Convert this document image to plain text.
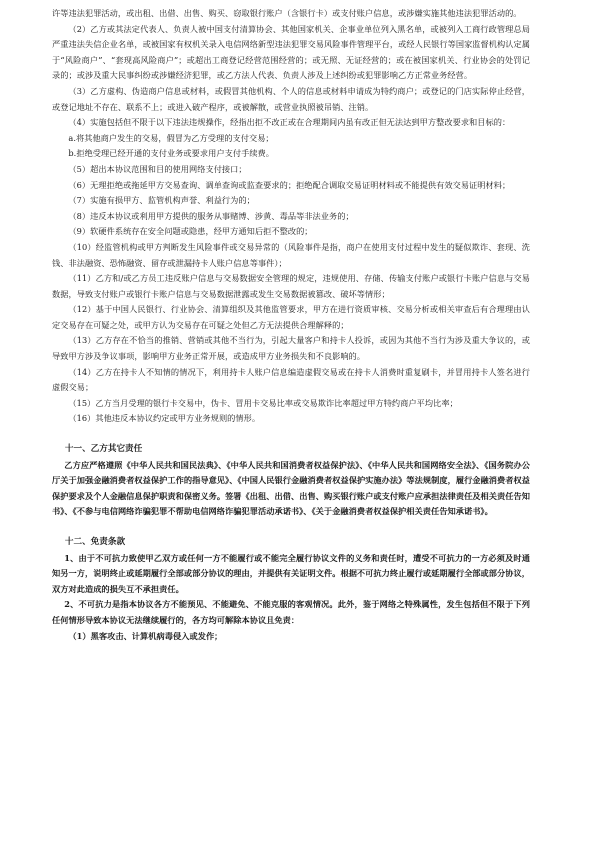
许等违法犯罪活动，或出租、出借、出售、购买、窃取银行账户（含银行卡）或支付账户信息，或涉嫌实施其他违法犯罪活动的。

（2）乙方或其法定代表人、负责人被中国支付清算协会、其他国家机关、企事业单位列入黑名单，或被列入工商行政管理总局严重违法失信企业名单，或被国家有权机关录入电信网络新型违法犯罪交易风险事件管理平台，或经人民银行等国家监督机构认定属于“风险商户”、“套现高风险商户”；或超出工商登记经营范围经营的；或无照、无证经营的；或在被国家机关、行业协会的处罚记录的；或涉及重大民事纠纷或涉嫌经济犯罪，或乙方法人代表、负责人涉及上述纠纷或犯罪影响乙方正常业务经营。

（3）乙方虚构、伪造商户信息或材料，或假冒其他机构、个人的信息或材料申请成为特约商户；或登记的门店实际停止经营，或登记地址不存在、联系不上；或进入破产程序，或被解散，或营业执照被吊销、注销。

（4）实施包括但不限于以下违法违规操作，经指出拒不改正或在合理期间内虽有改正但无法达到甲方整改要求和目标的：

a.将其他商户发生的交易，假冒为乙方受理的支付交易；

b.拒绝受理已经开通的支付业务或要求用户支付手续费。

（5）超出本协议范围和目的使用网络支付接口；

（6）无理拒绝或拖延甲方交易查询、调单查询或监查要求的；拒绝配合调取交易证明材料或不能提供有效交易证明材料；

（7）实施有损甲方、监管机构声誉、利益行为的；

（8）违反本协议或利用甲方提供的服务从事赌博、涉黄、毒品等非法业务的；

（9）软硬件系统存在安全问题或隐患，经甲方通知后拒不整改的；

（10）经监管机构或甲方判断发生风险事件或交易异常的（风险事件是指，商户在使用支付过程中发生的疑似欺诈、套现、洗钱、非法融资、恐怖融资、留存或泄漏持卡人账户信息等事件）；

（11）乙方和/或乙方员工违反账户信息与交易数据安全管理的规定，违规使用、存储、传输支付账户或银行卡账户信息与交易数据，导致支付账户或银行卡账户信息与交易数据泄露或发生交易数据被篡改、破坏等情形；

（12）基于中国人民银行、行业协会、清算组织及其他监管要求，甲方在进行资质审核、交易分析或相关审查后有合理理由认定交易存在可疑之处，或甲方认为交易存在可疑之处但乙方无法提供合理解释的；

（13）乙方存在不恰当的推销、营销或其他不当行为，引起大量客户和持卡人投诉，或因为其他不当行为涉及重大争议的，或导致甲方涉及争议事项，影响甲方业务正常开展，或造成甲方业务损失和不良影响的。

（14）乙方在持卡人不知情的情况下，利用持卡人账户信息编造虚假交易或在持卡人消费时重复刷卡，并冒用持卡人签名进行虚假交易；

（15）乙方当月受理的银行卡交易中，伪卡、冒用卡交易比率或交易欺诈比率超过甲方特约商户平均比率；

（16）其他违反本协议约定或甲方业务规则的情形。

十一、乙方其它责任

乙方应严格遵照《中华人民共和国民法典》、《中华人民共和国消费者权益保护法》、《中华人民共和国网络安全法》、《国务院办公厅关于加强金融消费者权益保护工作的指导意见》、《中国人民银行金融消费者权益保护实施办法》等法规制度，履行金融消费者权益保护要求及个人金融信息保护职责和保密义务。签署《出租、出借、出售、购买银行账户或支付账户应承担法律责任及相关责任告知书》、《不参与电信网络诈骗犯罪不帮助电信网络诈骗犯罪活动承诺书》、《关于金融消费者权益保护相关责任告知承诺书》。

十二、免责条款

1、由于不可抗力致使甲乙双方或任何一方不能履行或不能完全履行协议文件的义务和责任时，遭受不可抗力的一方必须及时通知另一方，说明终止或延期履行全部或部分协议的理由，并提供有关证明文件。根据不可抗力终止履行或延期履行全部或部分协议，双方对此造成的损失互不承担责任。

2、不可抗力是指本协议各方不能预见、不能避免、不能克服的客观情况。此外，鉴于网络之特殊属性，发生包括但不限于下列任何情形导致本协议无法继续履行的，各方均可解除本协议且免责：

（1）黑客攻击、计算机病毒侵入或发作；
